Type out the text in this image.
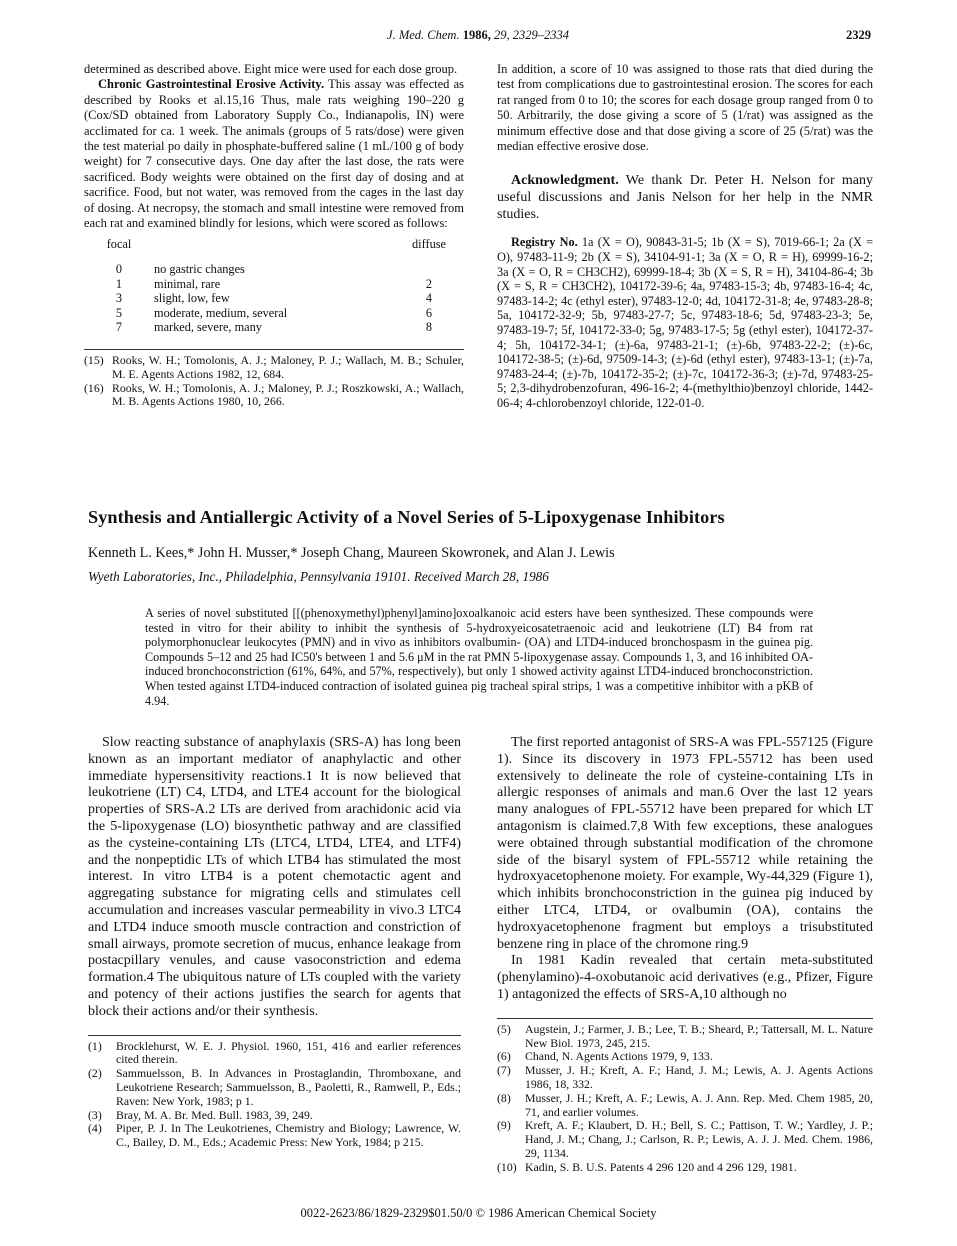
J. Med. Chem. 1986, 29, 2329–2334	2329

determined as described above. Eight mice were used for each dose group.

Chronic Gastrointestinal Erosive Activity. This assay was effected as described by Rooks et al.15,16 Thus, male rats weighing 190–220 g (Cox/SD obtained from Laboratory Supply Co., Indianapolis, IN) were acclimated for ca. 1 week. The animals (groups of 5 rats/dose) were given the test material po daily in phosphate-buffered saline (1 mL/100 g of body weight) for 7 consecutive days. One day after the last dose, the rats were sacrificed. Body weights were obtained on the first day of dosing and at sacrifice. Food, but not water, was removed from the cages in the last day of dosing. At necropsy, the stomach and small intestine were removed from each rat and examined blindly for lesions, which were scored as follows:

focal		diffuse
0	no gastric changes	
1	minimal, rare	2
3	slight, low, few	4
5	moderate, medium, several	6
7	marked, severe, many	8
(15) Rooks, W. H.; Tomolonis, A. J.; Maloney, P. J.; Wallach, M. B.; Schuler, M. E. Agents Actions 1982, 12, 684.
(16) Rooks, W. H.; Tomolonis, A. J.; Maloney, P. J.; Roszkowski, A.; Wallach, M. B. Agents Actions 1980, 10, 266.

In addition, a score of 10 was assigned to those rats that died during the test from complications due to gastrointestinal erosion. The scores for each rat ranged from 0 to 10; the scores for each dosage group ranged from 0 to 50. Arbitrarily, the dose giving a score of 5 (1/rat) was assigned as the minimum effective dose and that dose giving a score of 25 (5/rat) was the median effective erosive dose.

Acknowledgment. We thank Dr. Peter H. Nelson for many useful discussions and Janis Nelson for her help in the NMR studies.

Registry No. 1a (X = O), 90843-31-5; 1b (X = S), 7019-66-1; 2a (X = O), 97483-11-9; 2b (X = S), 34104-91-1; 3a (X = O, R = H), 69999-16-2; 3a (X = O, R = CH3CH2), 69999-18-4; 3b (X = S, R = H), 34104-86-4; 3b (X = S, R = CH3CH2), 104172-39-6; 4a, 97483-15-3; 4b, 97483-16-4; 4c, 97483-14-2; 4c (ethyl ester), 97483-12-0; 4d, 104172-31-8; 4e, 97483-28-8; 5a, 104172-32-9; 5b, 97483-27-7; 5c, 97483-18-6; 5d, 97483-23-3; 5e, 97483-19-7; 5f, 104172-33-0; 5g, 97483-17-5; 5g (ethyl ester), 104172-37-4; 5h, 104172-34-1; (±)-6a, 97483-21-1; (±)-6b, 97483-22-2; (±)-6c, 104172-38-5; (±)-6d, 97509-14-3; (±)-6d (ethyl ester), 97483-13-1; (±)-7a, 97483-24-4; (±)-7b, 104172-35-2; (±)-7c, 104172-36-3; (±)-7d, 97483-25-5; 2,3-dihydrobenzofuran, 496-16-2; 4-(methylthio)benzoyl chloride, 1442-06-4; 4-chlorobenzoyl chloride, 122-01-0.

Synthesis and Antiallergic Activity of a Novel Series of 5-Lipoxygenase Inhibitors
Kenneth L. Kees,* John H. Musser,* Joseph Chang, Maureen Skowronek, and Alan J. Lewis
Wyeth Laboratories, Inc., Philadelphia, Pennsylvania 19101. Received March 28, 1986
A series of novel substituted [[(phenoxymethyl)phenyl]amino]oxoalkanoic acid esters have been synthesized. These compounds were tested in vitro for their ability to inhibit the synthesis of 5-hydroxyeicosatetraenoic acid and leukotriene (LT) B4 from rat polymorphonuclear leukocytes (PMN) and in vivo as inhibitors ovalbumin- (OA) and LTD4-induced bronchospasm in the guinea pig. Compounds 5–12 and 25 had IC50's between 1 and 5.6 μM in the rat PMN 5-lipoxygenase assay. Compounds 1, 3, and 16 inhibited OA-induced bronchoconstriction (61%, 64%, and 57%, respectively), but only 1 showed activity against LTD4-induced bronchoconstriction. When tested against LTD4-induced contraction of isolated guinea pig tracheal spiral strips, 1 was a competitive inhibitor with a pKB of 4.94.

Slow reacting substance of anaphylaxis (SRS-A) has long been known as an important mediator of anaphylactic and other immediate hypersensitivity reactions.1 It is now believed that leukotriene (LT) C4, LTD4, and LTE4 account for the biological properties of SRS-A.2 LTs are derived from arachidonic acid via the 5-lipoxygenase (LO) biosynthetic pathway and are classified as the cysteine-containing LTs (LTC4, LTD4, LTE4, and LTF4) and the nonpeptidic LTs of which LTB4 has stimulated the most interest. In vitro LTB4 is a potent chemotactic agent and aggregating substance for migrating cells and stimulates cell accumulation and increases vascular permeability in vivo.3 LTC4 and LTD4 induce smooth muscle contraction and constriction of small airways, promote secretion of mucus, enhance leakage from postacpillary venules, and cause vasoconstriction and edema formation.4 The ubiquitous nature of LTs coupled with the variety and potency of their actions justifies the search for agents that block their actions and/or their synthesis.

(1)	Brocklehurst, W. E. J. Physiol. 1960, 151, 416 and earlier references cited therein.
(2)	Sammuelsson, B. In Advances in Prostaglandin, Thromboxane, and Leukotriene Research; Sammuelsson, B., Paoletti, R., Ramwell, P., Eds.; Raven: New York, 1983; p 1.
(3)	Bray, M. A. Br. Med. Bull. 1983, 39, 249.
(4)	Piper, P. J. In The Leukotrienes, Chemistry and Biology; Lawrence, W. C., Bailey, D. M., Eds.; Academic Press: New York, 1984; p 215.

The first reported antagonist of SRS-A was FPL-557125 (Figure 1). Since its discovery in 1973 FPL-55712 has been used extensively to delineate the role of cysteine-containing LTs in allergic responses of animals and man.6 Over the last 12 years many analogues of FPL-55712 have been prepared for which LT antagonism is claimed.7,8 With few exceptions, these analogues were obtained through substantial modification of the chromone side of the bisaryl system of FPL-55712 while retaining the hydroxyacetophenone moiety. For example, Wy-44,329 (Figure 1), which inhibits bronchoconstriction in the guinea pig induced by either LTC4, LTD4, or ovalbumin (OA), contains the hydroxyacetophenone fragment but employs a trisubstituted benzene ring in place of the chromone ring.9

In 1981 Kadin revealed that certain meta-substituted (phenylamino)-4-oxobutanoic acid derivatives (e.g., Pfizer, Figure 1) antagonized the effects of SRS-A,10 although no

(5)	Augstein, J.; Farmer, J. B.; Lee, T. B.; Sheard, P.; Tattersall, M. L. Nature New Biol. 1973, 245, 215.
(6)	Chand, N. Agents Actions 1979, 9, 133.
(7)	Musser, J. H.; Kreft, A. F.; Hand, J. M.; Lewis, A. J. Agents Actions 1986, 18, 332.
(8)	Musser, J. H.; Kreft, A. F.; Lewis, A. J. Ann. Rep. Med. Chem 1985, 20, 71, and earlier volumes.
(9)	Kreft, A. F.; Klaubert, D. H.; Bell, S. C.; Pattison, T. W.; Yardley, J. P.; Hand, J. M.; Chang, J.; Carlson, R. P.; Lewis, A. J. J. Med. Chem. 1986, 29, 1134.
(10) Kadin, S. B. U.S. Patents 4 296 120 and 4 296 129, 1981.
0022-2623/86/1829-2329$01.50/0 © 1986 American Chemical Society
